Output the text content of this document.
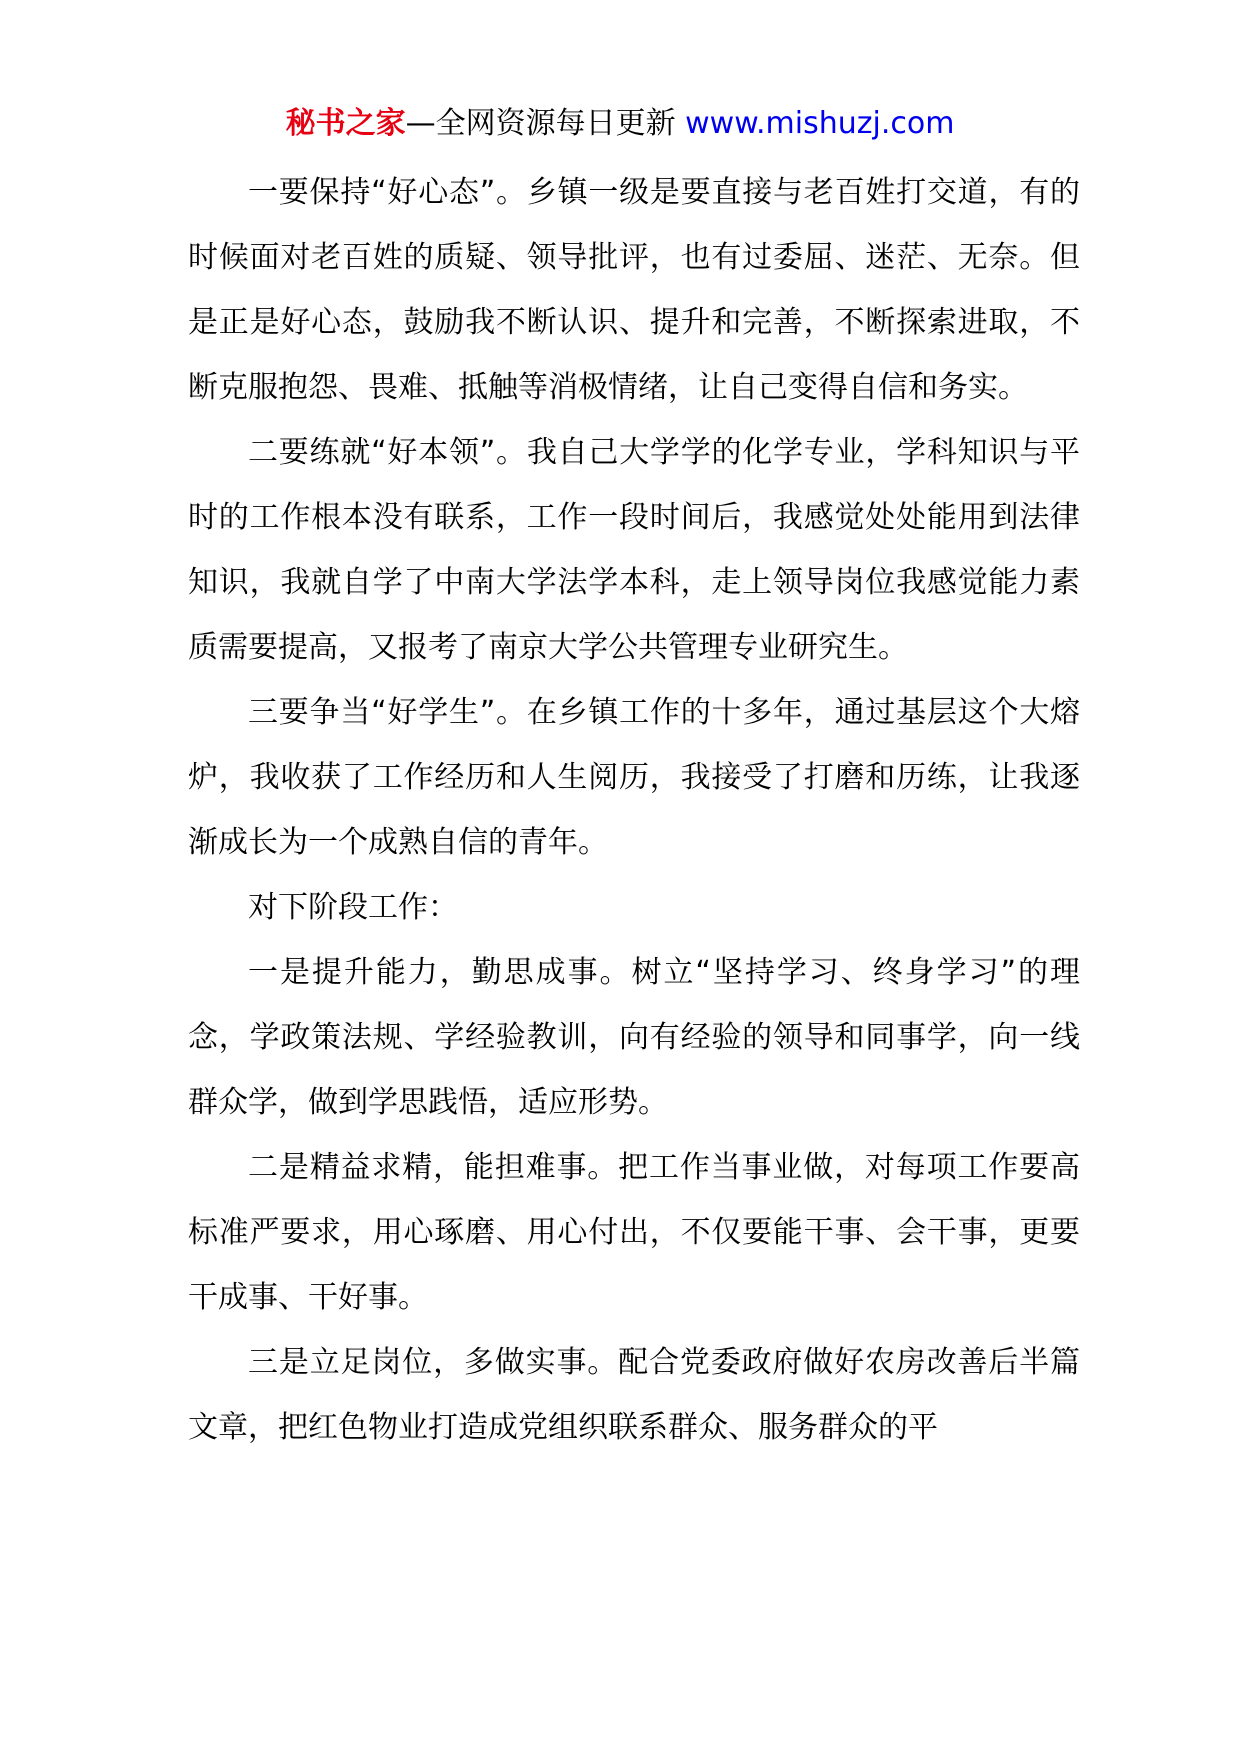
秘书之家—全网资源每日更新 www.mishuzj.com

一要保持“好心态”。乡镇一级是要直接与老百姓打交道，有的时候面对老百姓的质疑、领导批评，也有过委屈、迷茫、无奈。但是正是好心态，鼓励我不断认识、提升和完善，不断探索进取，不断克服抱怨、畏难、抵触等消极情绪，让自己变得自信和务实。

二要练就“好本领”。我自己大学学的化学专业，学科知识与平时的工作根本没有联系，工作一段时间后，我感觉处处能用到法律知识，我就自学了中南大学法学本科，走上领导岗位我感觉能力素质需要提高，又报考了南京大学公共管理专业研究生。

三要争当“好学生”。在乡镇工作的十多年，通过基层这个大熔炉，我收获了工作经历和人生阅历，我接受了打磨和历练，让我逐渐成长为一个成熟自信的青年。

对下阶段工作：

一是提升能力，勤思成事。树立“坚持学习、终身学习”的理念，学政策法规、学经验教训，向有经验的领导和同事学，向一线群众学，做到学思践悟，适应形势。

二是精益求精，能担难事。把工作当事业做，对每项工作要高标准严要求，用心琢磨、用心付出，不仅要能干事、会干事，更要干成事、干好事。

三是立足岗位，多做实事。配合党委政府做好农房改善后半篇文章，把红色物业打造成党组织联系群众、服务群众的平
